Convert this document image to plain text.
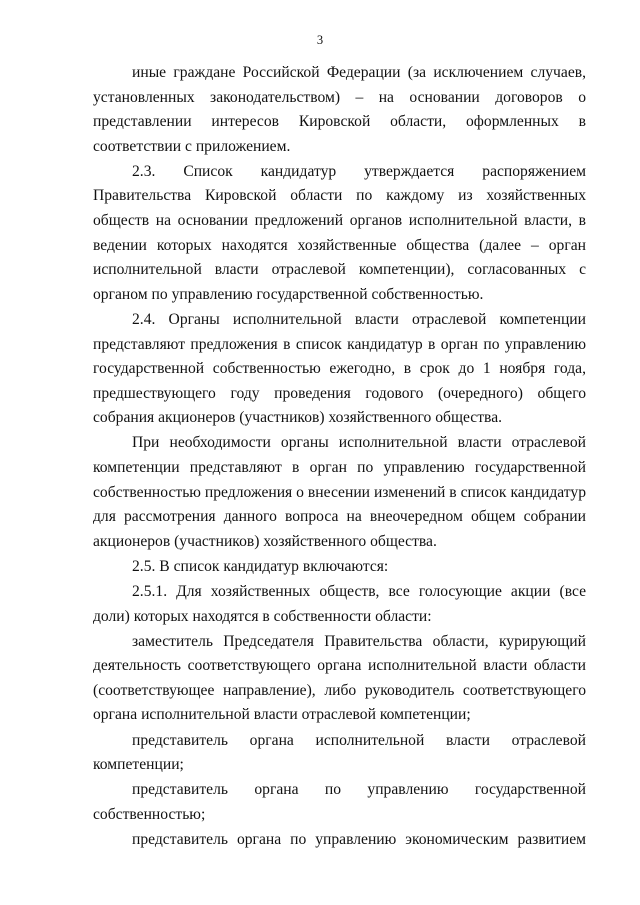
3

иные граждане Российской Федерации (за исключением случаев, установленных законодательством) – на основании договоров о представлении интересов Кировской области, оформленных в соответствии с приложением.

2.3. Список кандидатур утверждается распоряжением Правительства Кировской области по каждому из хозяйственных обществ на основании предложений органов исполнительной власти, в ведении которых находятся хозяйственные общества (далее – орган исполнительной власти отраслевой компетенции), согласованных с органом по управлению государственной собственностью.

2.4. Органы исполнительной власти отраслевой компетенции представляют предложения в список кандидатур в орган по управлению государственной собственностью ежегодно, в срок до 1 ноября года, предшествующего году проведения годового (очередного) общего собрания акционеров (участников) хозяйственного общества.

При необходимости органы исполнительной власти отраслевой компетенции представляют в орган по управлению государственной собственностью предложения о внесении изменений в список кандидатур для рассмотрения данного вопроса на внеочередном общем собрании акционеров (участников) хозяйственного общества.

2.5. В список кандидатур включаются:

2.5.1. Для хозяйственных обществ, все голосующие акции (все доли) которых находятся в собственности области:

заместитель Председателя Правительства области, курирующий деятельность соответствующего органа исполнительной власти области (соответствующее направление), либо руководитель соответствующего органа исполнительной власти отраслевой компетенции;

представитель органа исполнительной власти отраслевой компетенции;

представитель органа по управлению государственной собственностью;

представитель органа по управлению экономическим развитием
